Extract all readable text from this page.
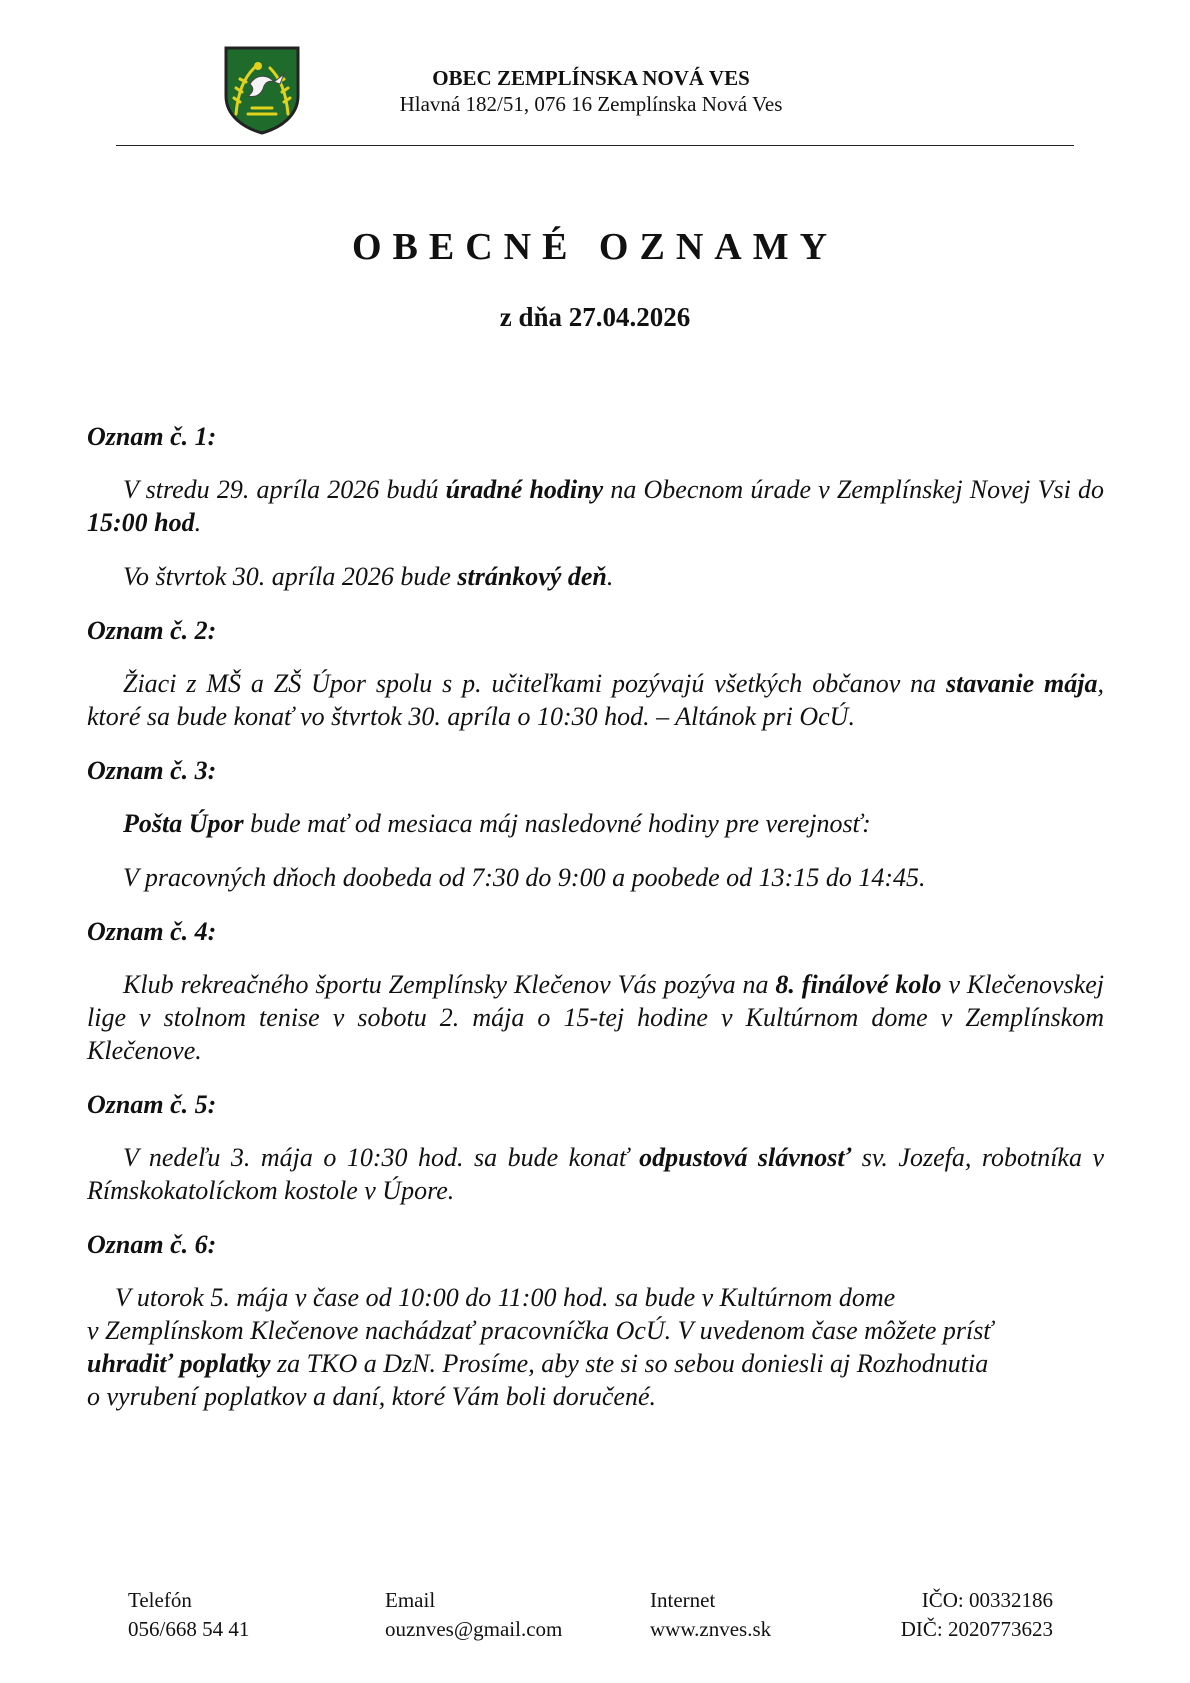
OBEC ZEMPLÍNSKA NOVÁ VES
Hlavná 182/51, 076 16 Zemplínska Nová Ves
OBECNÉ OZNAMY
z dňa 27.04.2026
Oznam č. 1:

V stredu 29. apríla 2026 budú úradné hodiny na Obecnom úrade v Zemplínskej Novej Vsi do 15:00 hod.

Vo štvrtok 30. apríla 2026 bude stránkový deň.

Oznam č. 2:

Žiaci z MŠ a ZŠ Úpor spolu s p. učiteľkami pozývajú všetkých občanov na stavanie mája, ktoré sa bude konať vo štvrtok 30. apríla o 10:30 hod. – Altánok pri OcÚ.

Oznam č. 3:

Pošta Úpor bude mať od mesiaca máj nasledovné hodiny pre verejnosť:

V pracovných dňoch doobeda od 7:30 do 9:00 a poobede od 13:15 do 14:45.

Oznam č. 4:

Klub rekreačného športu Zemplínsky Klečenov Vás pozýva na 8. finálové kolo v Klečenovskej lige v stolnom tenise v sobotu 2. mája o 15-tej hodine v Kultúrnom dome v Zemplínskom Klečenove.

Oznam č. 5:

V nedeľu 3. mája o 10:30 hod. sa bude konať odpustová slávnosť sv. Jozefa, robotníka v Rímskokatolíckom kostole v Úpore.

Oznam č. 6:

V utorok 5. mája v čase od 10:00 do 11:00 hod. sa bude v Kultúrnom dome
v Zemplínskom Klečenove nachádzať pracovníčka OcÚ. V uvedenom čase môžete prísť
uhradiť poplatky za TKO a DzN. Prosíme, aby ste si so sebou doniesli aj Rozhodnutia
o vyrubení poplatkov a daní, ktoré Vám boli doručené.

Telefón
056/668 54 41
Email
ouznves@gmail.com
Internet
www.znves.sk
IČO: 00332186
DIČ: 2020773623
